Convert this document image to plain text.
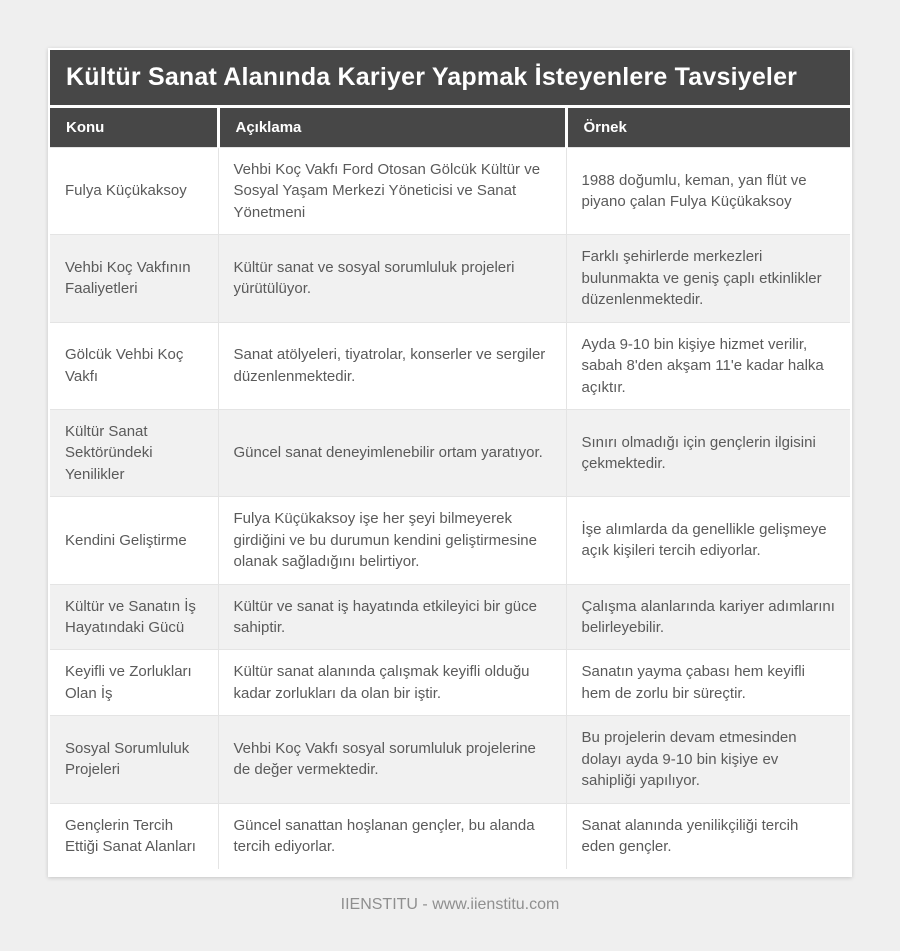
Kültür Sanat Alanında Kariyer Yapmak İsteyenlere Tavsiyeler
Konu	Açıklama	Örnek
Fulya Küçükaksoy	Vehbi Koç Vakfı Ford Otosan Gölcük Kültür ve Sosyal Yaşam Merkezi Yöneticisi ve Sanat Yönetmeni	1988 doğumlu, keman, yan flüt ve piyano çalan Fulya Küçükaksoy
Vehbi Koç Vakfının Faaliyetleri	Kültür sanat ve sosyal sorumluluk projeleri yürütülüyor.	Farklı şehirlerde merkezleri bulunmakta ve geniş çaplı etkinlikler düzenlenmektedir.
Gölcük Vehbi Koç Vakfı	Sanat atölyeleri, tiyatrolar, konserler ve sergiler düzenlenmektedir.	Ayda 9-10 bin kişiye hizmet verilir, sabah 8'den akşam 11'e kadar halka açıktır.
Kültür Sanat Sektöründeki Yenilikler	Güncel sanat deneyimlenebilir ortam yaratıyor.	Sınırı olmadığı için gençlerin ilgisini çekmektedir.
Kendini Geliştirme	Fulya Küçükaksoy işe her şeyi bilmeyerek girdiğini ve bu durumun kendini geliştirmesine olanak sağladığını belirtiyor.	İşe alımlarda da genellikle gelişmeye açık kişileri tercih ediyorlar.
Kültür ve Sanatın İş Hayatındaki Gücü	Kültür ve sanat iş hayatında etkileyici bir güce sahiptir.	Çalışma alanlarında kariyer adımlarını belirleyebilir.
Keyifli ve Zorlukları Olan İş	Kültür sanat alanında çalışmak keyifli olduğu kadar zorlukları da olan bir iştir.	Sanatın yayma çabası hem keyifli hem de zorlu bir süreçtir.
Sosyal Sorumluluk Projeleri	Vehbi Koç Vakfı sosyal sorumluluk projelerine de değer vermektedir.	Bu projelerin devam etmesinden dolayı ayda 9-10 bin kişiye ev sahipliği yapılıyor.
Gençlerin Tercih Ettiği Sanat Alanları	Güncel sanattan hoşlanan gençler, bu alanda tercih ediyorlar.	Sanat alanında yenilikçiliği tercih eden gençler.
IIENSTITU - www.iienstitu.com
